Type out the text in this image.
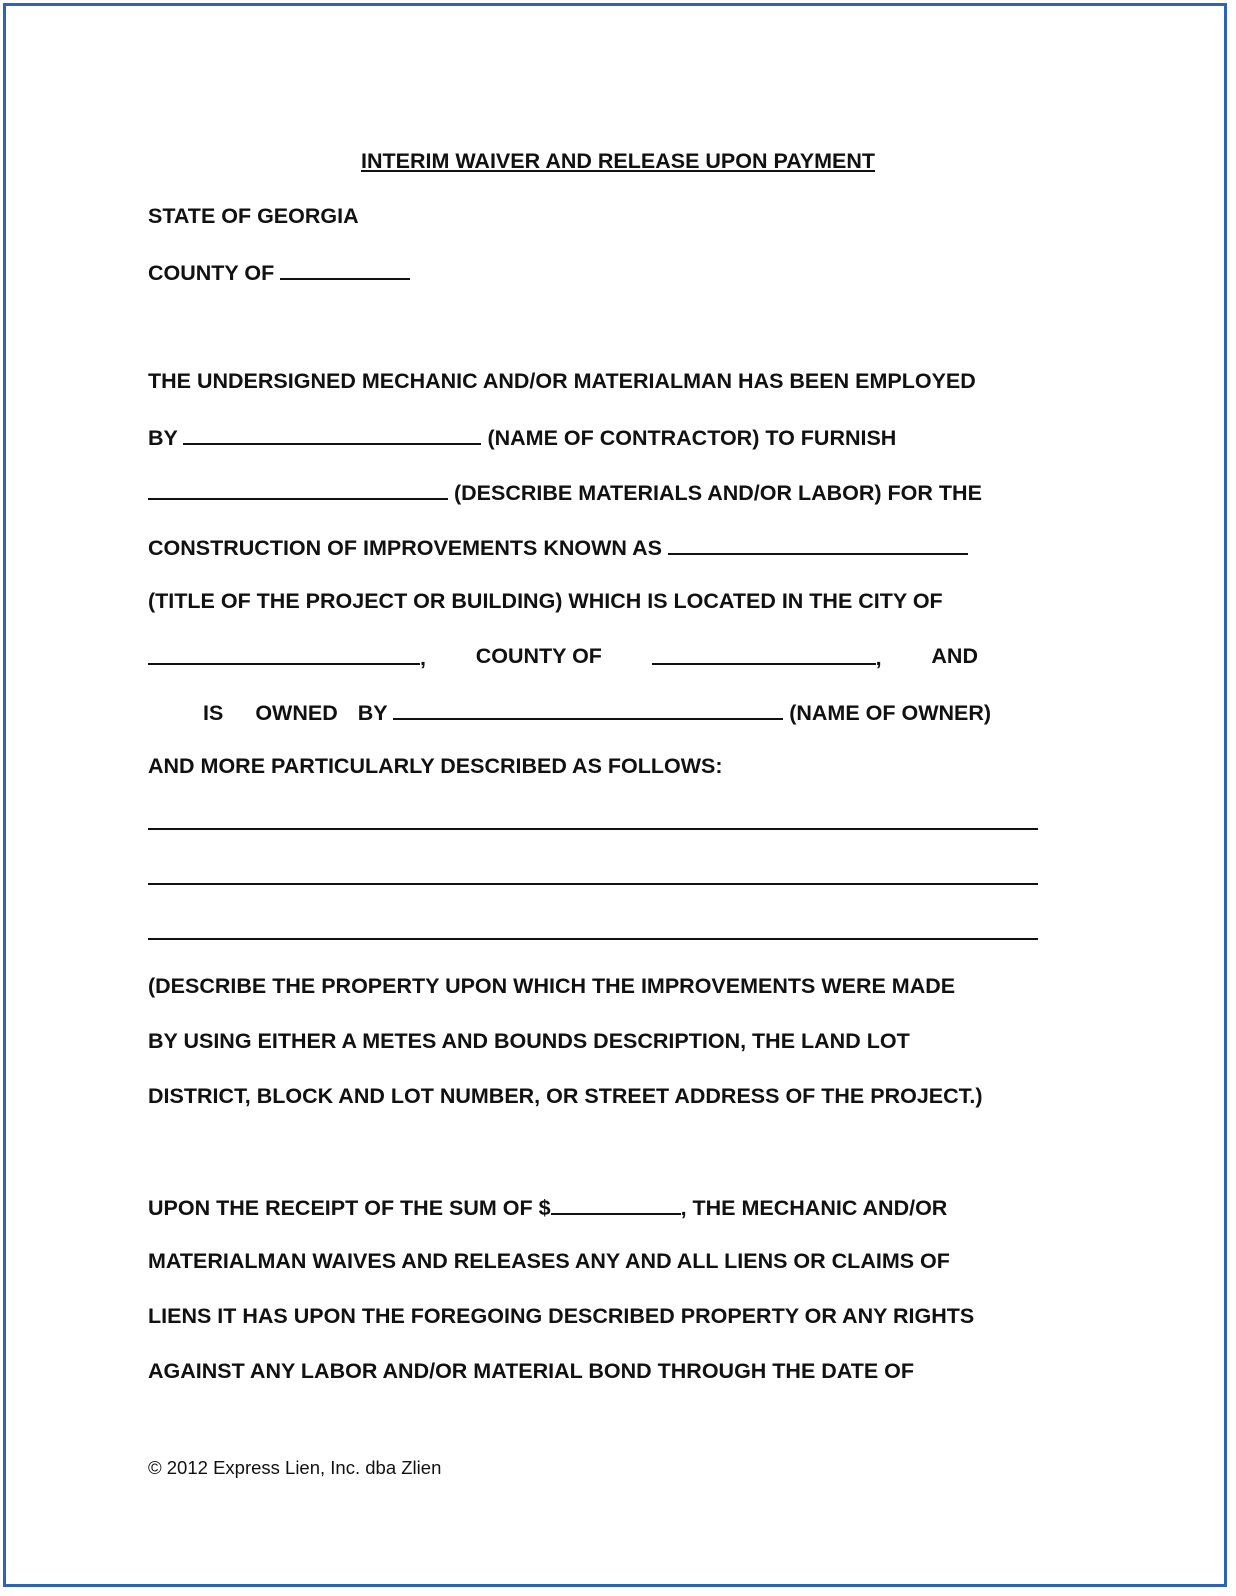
INTERIM WAIVER AND RELEASE UPON PAYMENT
STATE OF GEORGIA
COUNTY OF
THE UNDERSIGNED MECHANIC AND/OR MATERIALMAN HAS BEEN EMPLOYED
BY	(NAME OF CONTRACTOR) TO FURNISH
(DESCRIBE MATERIALS AND/OR LABOR) FOR THE
CONSTRUCTION OF IMPROVEMENTS KNOWN AS
(TITLE OF THE PROJECT OR BUILDING) WHICH IS LOCATED IN THE CITY OF
, COUNTY OF	, AND
IS OWNED BY	(NAME OF OWNER)
AND MORE PARTICULARLY DESCRIBED AS FOLLOWS:
(DESCRIBE THE PROPERTY UPON WHICH THE IMPROVEMENTS WERE MADE
BY USING EITHER A METES AND BOUNDS DESCRIPTION, THE LAND LOT
DISTRICT, BLOCK AND LOT NUMBER, OR STREET ADDRESS OF THE PROJECT.)
UPON THE RECEIPT OF THE SUM OF $	, THE MECHANIC AND/OR
MATERIALMAN WAIVES AND RELEASES ANY AND ALL LIENS OR CLAIMS OF
LIENS IT HAS UPON THE FOREGOING DESCRIBED PROPERTY OR ANY RIGHTS
AGAINST ANY LABOR AND/OR MATERIAL BOND THROUGH THE DATE OF
© 2012 Express Lien, Inc. dba Zlien
